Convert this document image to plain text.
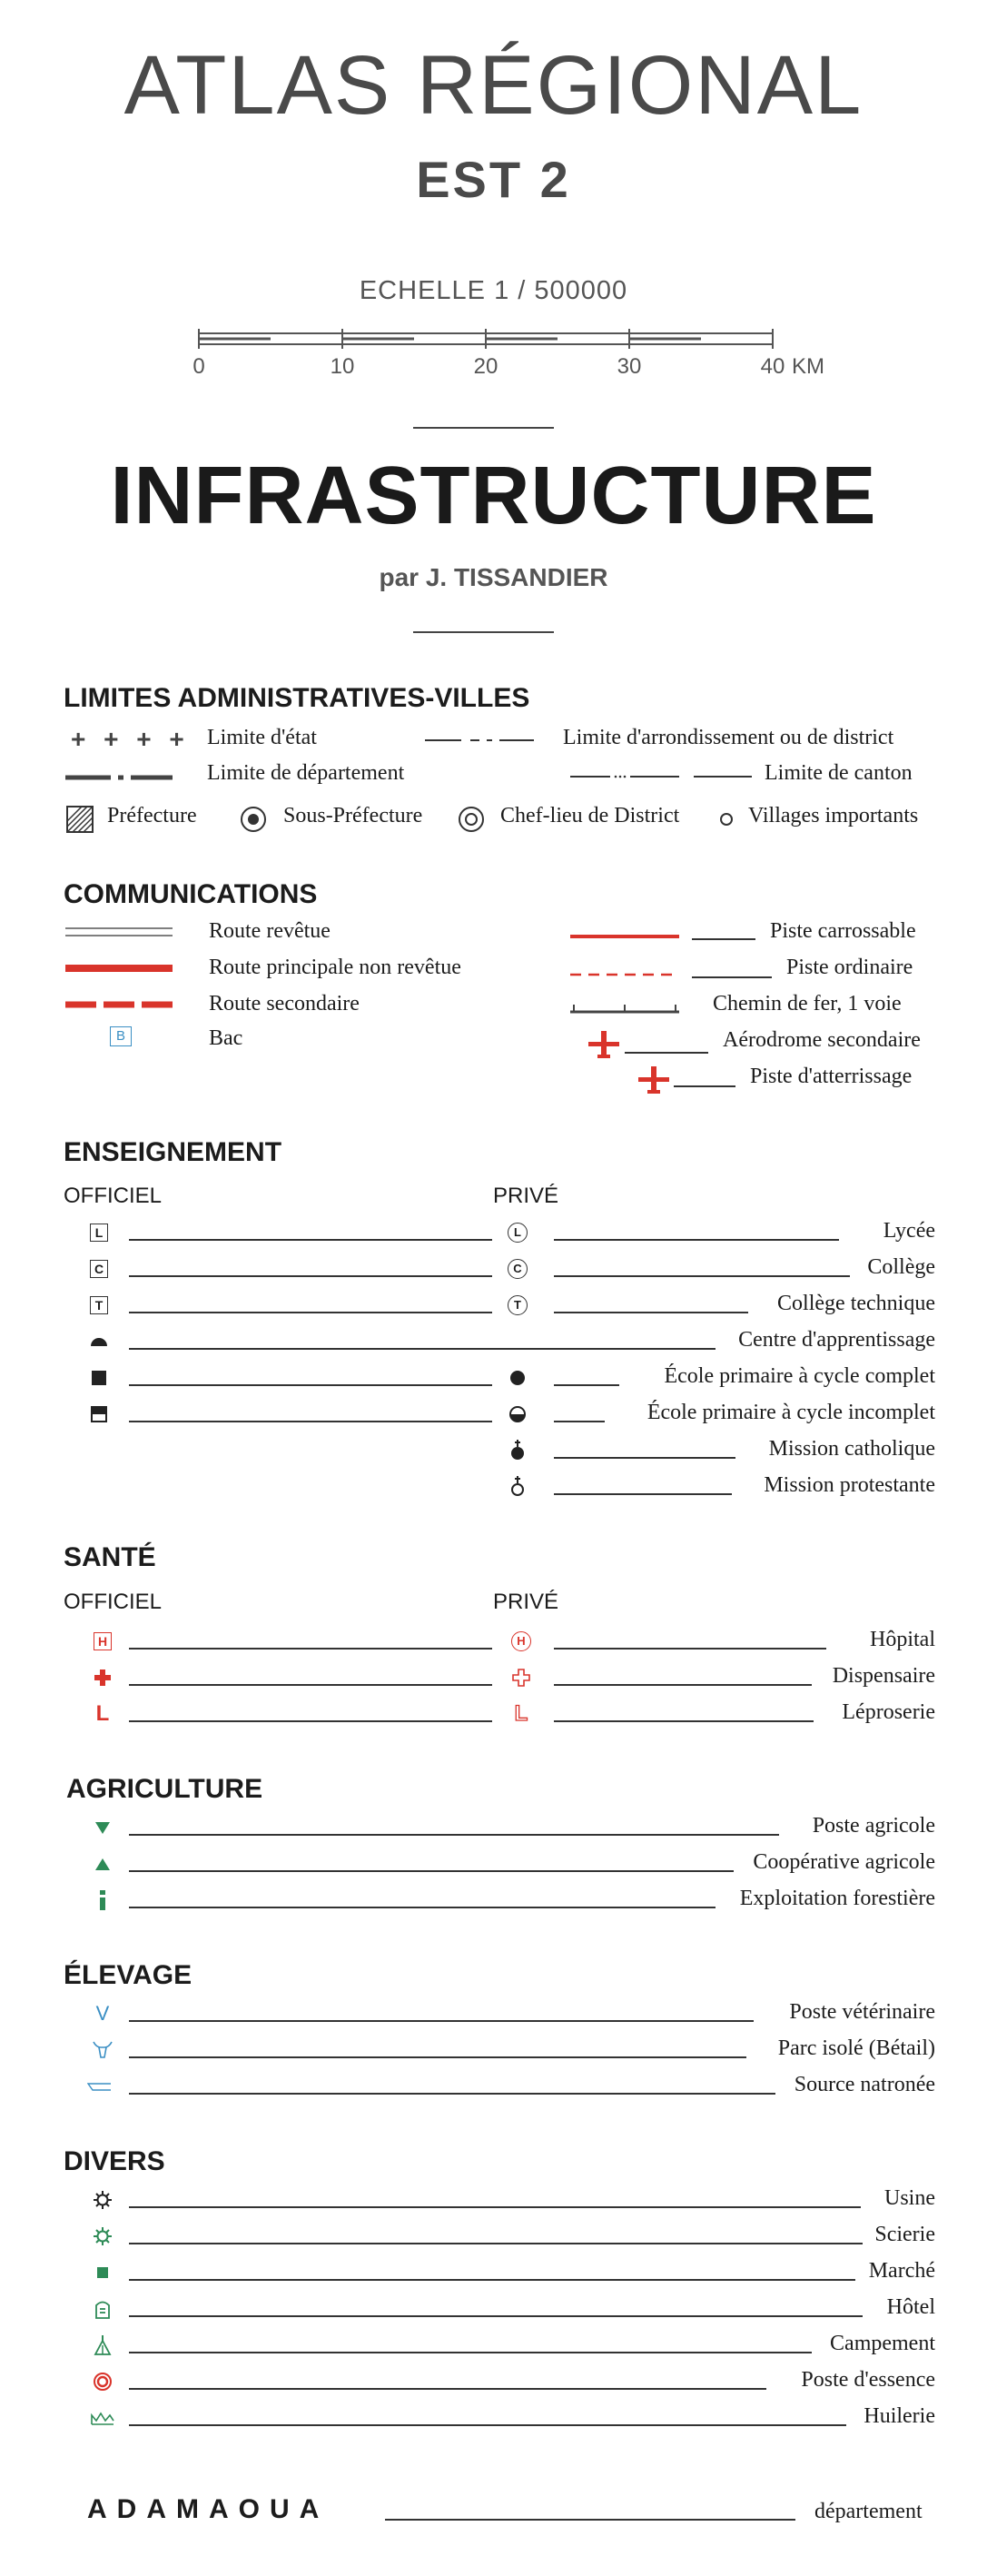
ATLAS RÉGIONAL
EST 2
ECHELLE 1 / 500000
0	10	20	30	40 KM
INFRASTRUCTURE
par J. TISSANDIER
LIMITES ADMINISTRATIVES-VILLES
+ + + + Limite d'état	Limite d'arrondissement ou de district
Limite de département	Limite de canton
Préfecture	Sous-Préfecture	Chef-lieu de District	Villages importants
COMMUNICATIONS
Route revêtue
Route principale non revêtue
Route secondaire
B	Bac
Piste carrossable
Piste ordinaire
Chemin de fer, 1 voie
Aérodrome secondaire
Piste d'atterrissage
ENSEIGNEMENT
OFFICIEL	PRIVÉ
L	L	Lycée
C	C	Collège
T	T	Collège technique
Centre d'apprentissage
École primaire à cycle complet
École primaire à cycle incomplet
Mission catholique
Mission protestante
SANTÉ
OFFICIEL	PRIVÉ
H	H	Hôpital
Dispensaire
L	L	Léproserie
AGRICULTURE
Poste agricole
Coopérative agricole
Exploitation forestière
ÉLEVAGE
V	Poste vétérinaire
Parc isolé (Bétail)
Source natronée
DIVERS
Usine
Scierie
Marché
Hôtel
Campement
Poste d'essence
Huilerie
ADAMAOUA	département
